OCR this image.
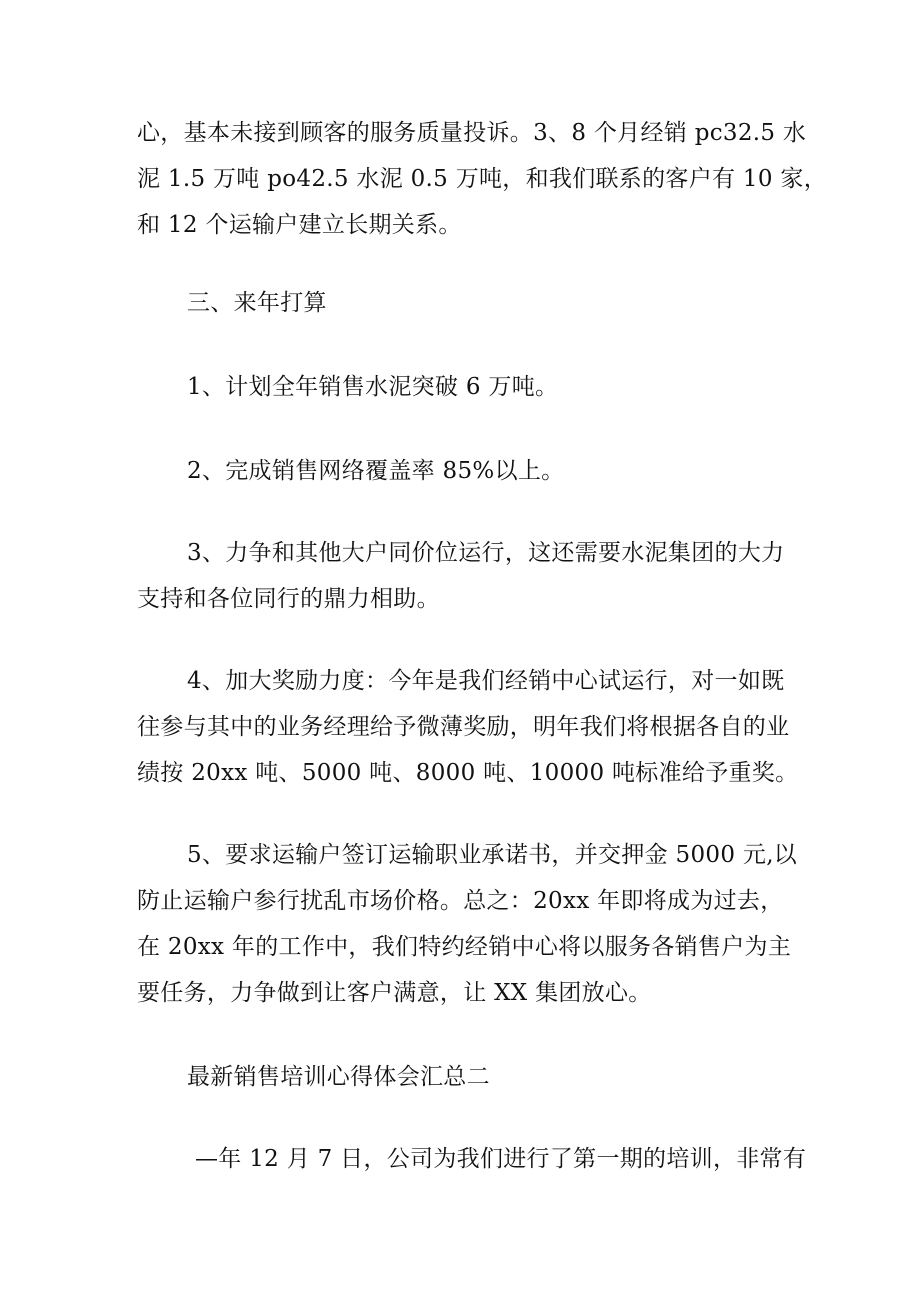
心，基本未接到顾客的服务质量投诉。3、8 个月经销 pc32.5 水
泥 1.5 万吨 po42.5 水泥 0.5 万吨，和我们联系的客户有 10 家，
和 12 个运输户建立长期关系。
三、来年打算
1、计划全年销售水泥突破 6 万吨。
2、完成销售网络覆盖率 85%以上。
3、力争和其他大户同价位运行，这还需要水泥集团的大力
支持和各位同行的鼎力相助。
4、加大奖励力度：今年是我们经销中心试运行，对一如既
往参与其中的业务经理给予微薄奖励，明年我们将根据各自的业
绩按 20xx 吨、5000 吨、8000 吨、10000 吨标准给予重奖。
5、要求运输户签订运输职业承诺书，并交押金 5000 元,以
防止运输户参行扰乱市场价格。总之：20xx 年即将成为过去，
在 20xx 年的工作中，我们特约经销中心将以服务各销售户为主
要任务，力争做到让客户满意，让 XX 集团放心。
最新销售培训心得体会汇总二
—年 12 月 7 日，公司为我们进行了第一期的培训，非常有
